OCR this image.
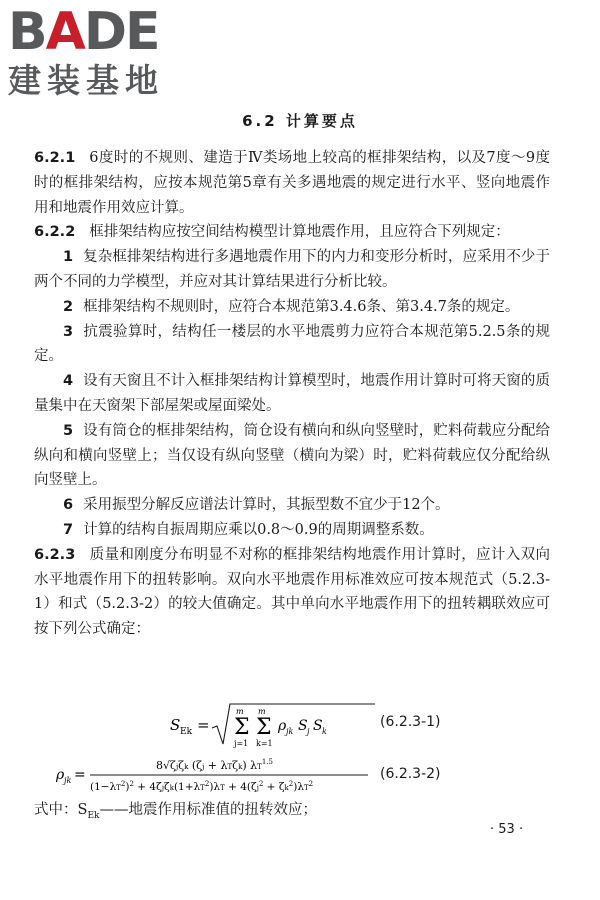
BADE
建装基地
6.2 计算要点

6.2.1 6度时的不规则、建造于Ⅳ类场地上较高的框排架结构，以及7度～9度时的框排架结构，应按本规范第5章有关多遇地震的规定进行水平、竖向地震作用和地震作用效应计算。

6.2.2 框排架结构应按空间结构模型计算地震作用，且应符合下列规定：

1 复杂框排架结构进行多遇地震作用下的内力和变形分析时，应采用不少于两个不同的力学模型，并应对其计算结果进行分析比较。

2 框排架结构不规则时，应符合本规范第3.4.6条、第3.4.7条的规定。

3 抗震验算时，结构任一楼层的水平地震剪力应符合本规范第5.2.5条的规定。

4 设有天窗且不计入框排架结构计算模型时，地震作用计算时可将天窗的质量集中在天窗架下部屋架或屋面梁处。

5 设有筒仓的框排架结构，筒仓设有横向和纵向竖壁时，贮料荷载应分配给纵向和横向竖壁上；当仅设有纵向竖壁（横向为梁）时，贮料荷载应仅分配给纵向竖壁上。

6 采用振型分解反应谱法计算时，其振型数不宜少于12个。

7 计算的结构自振周期应乘以0.8～0.9的周期调整系数。

6.2.3 质量和刚度分布明显不对称的框排架结构地震作用计算时，应计入双向水平地震作用下的扭转影响。双向水平地震作用标准效应可按本规范式（5.2.3-1）和式（5.2.3-2）的较大值确定。其中单向水平地震作用下的扭转耦联效应可按下列公式确定：

S Ek = Σ
m
j=1
Σ
m
k=1
ρ jk S j S k
(6.2.3-1)
ρ jk =
8√ζjζk (ζj + λTζk) $\lambda T^{1.5}$
$(1-\lambda T^2)^2 + 4\zeta j\zeta k(1+\lambda T^2)\lambda T + 4(\zeta j^2 + \zeta k^2)\lambda T^2$
(6.2.3-2)
式中：$S_{Ek}——$地震作用标准值的扭转效应；
· 53 ·
